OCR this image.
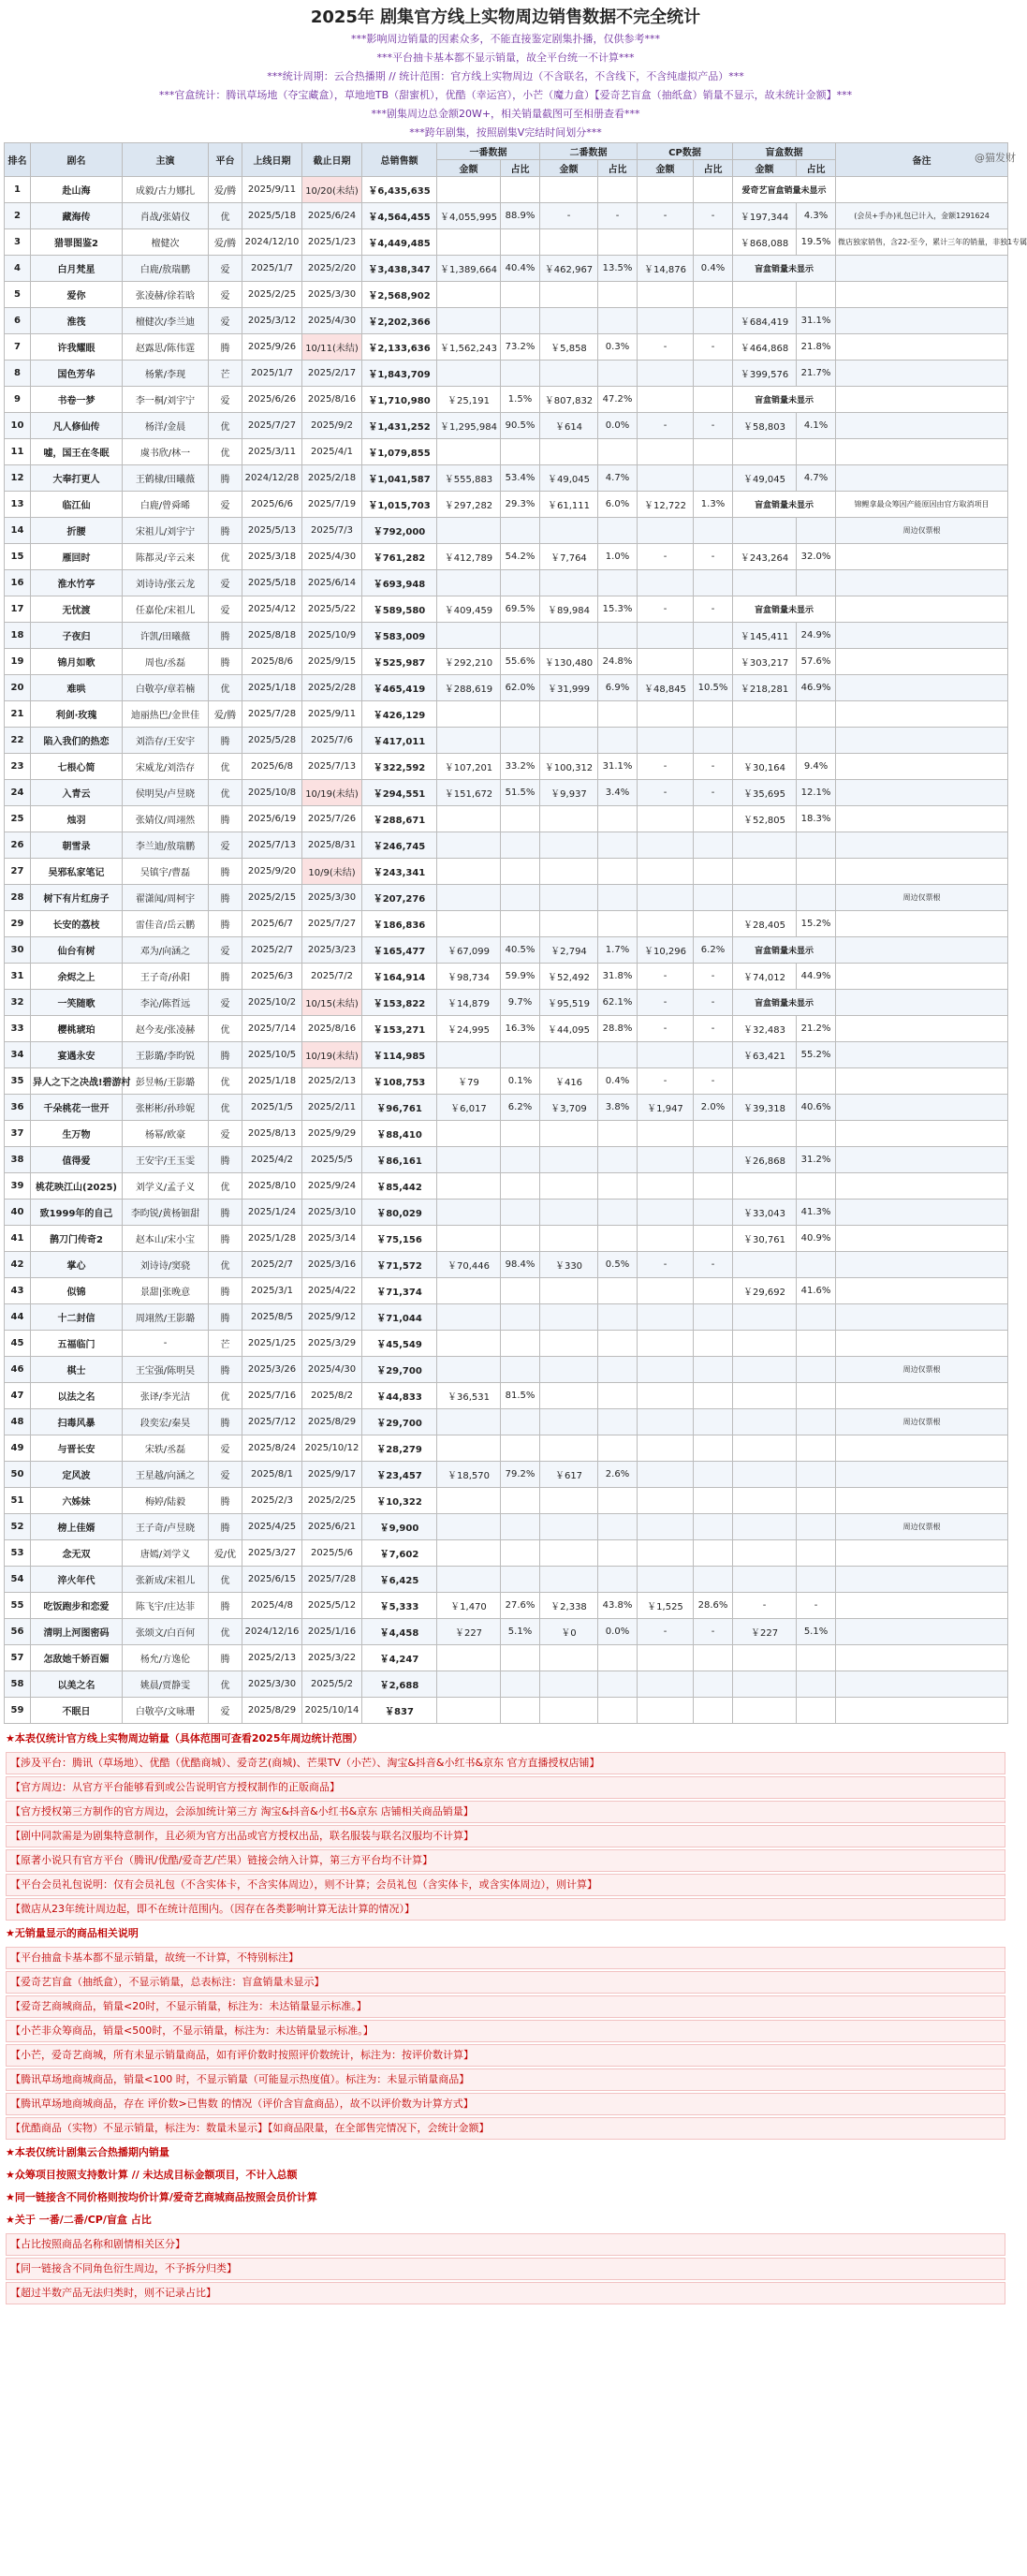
2025年 剧集官方线上实物周边销售数据不完全统计
***影响周边销量的因素众多，不能直接鉴定剧集扑播，仅供参考***
***平台抽卡基本都不显示销量，故全平台统一不计算***
***统计周期：云合热播期 // 统计范围：官方线上实物周边（不含联名，不含线下，不含纯虚拟产品）***
***官盒统计：腾讯草场地（夺宝藏盒），草地地TB（甜蜜机），优酷（幸运宫），小芒（魔力盒）【爱奇艺盲盒（抽纸盒）销量不显示，故未统计金额】***
***剧集周边总金额20W+，相关销量截图可至相册查看***
***跨年剧集，按照剧集V完结时间划分***
@猫发财
排名	剧名	主演	平台	上线日期	截止日期	总销售额	一番数据		二番数据		CP数据		盲盒数据		备注
							金额	占比	金额	占比	金额	占比	金额	占比	
1	赴山海	成毅/古力娜扎	爱/腾	2025/9/11	10/20(未结)	￥6,435,635							爱奇艺盲盒销量未显示		
2	藏海传	肖战/张婧仪	优	2025/5/18	2025/6/24	￥4,564,455	￥4,055,995	88.9%	-	-	-	-	￥197,344	4.3%	(会员+手办)礼包已计入，金额1291624
3	猎罪图鉴2	檀健次	爱/腾	2024/12/10	2025/1/23	￥4,449,485							￥868,088	19.5%	微店独家销售，含22-至今，累计三年的销量，非独1专属
4	白月梵星	白鹿/敖瑞鹏	爱	2025/1/7	2025/2/20	￥3,438,347	￥1,389,664	40.4%	￥462,967	13.5%	￥14,876	0.4%	盲盒销量未显示		
5	爱你	张凌赫/徐若晗	爱	2025/2/25	2025/3/30	￥2,568,902									
6	淮筏	檀健次/李兰迪	爱	2025/3/12	2025/4/30	￥2,202,366							￥684,419	31.1%	
7	许我耀眼	赵露思/陈伟霆	腾	2025/9/26	10/11(未结)	￥2,133,636	￥1,562,243	73.2%	￥5,858	0.3%	-	-	￥464,868	21.8%	
8	国色芳华	杨紫/李现	芒	2025/1/7	2025/2/17	￥1,843,709							￥399,576	21.7%	
9	书卷一梦	李一桐/刘宇宁	爱	2025/6/26	2025/8/16	￥1,710,980	￥25,191	1.5%	￥807,832	47.2%			盲盒销量未显示		
10	凡人修仙传	杨洋/金晨	优	2025/7/27	2025/9/2	￥1,431,252	￥1,295,984	90.5%	￥614	0.0%	-	-	￥58,803	4.1%	
11	嘘，国王在冬眠	虞书欣/林一	优	2025/3/11	2025/4/1	￥1,079,855									
12	大奉打更人	王鹤棣/田曦薇	腾	2024/12/28	2025/2/18	￥1,041,587	￥555,883	53.4%	￥49,045	4.7%			￥49,045	4.7%	
13	临江仙	白鹿/曾舜晞	爱	2025/6/6	2025/7/19	￥1,015,703	￥297,282	29.3%	￥61,111	6.0%	￥12,722	1.3%	盲盒销量未显示		锦鲤拿最众筹因产能原因由官方取消项目
14	折腰	宋祖儿/刘宇宁	腾	2025/5/13	2025/7/3	￥792,000									周边仅票根
15	雁回时	陈都灵/辛云来	优	2025/3/18	2025/4/30	￥761,282	￥412,789	54.2%	￥7,764	1.0%	-	-	￥243,264	32.0%	
16	淮水竹亭	刘诗诗/张云龙	爱	2025/5/18	2025/6/14	￥693,948									
17	无忧渡	任嘉伦/宋祖儿	爱	2025/4/12	2025/5/22	￥589,580	￥409,459	69.5%	￥89,984	15.3%	-	-	盲盒销量未显示		
18	子夜归	许凯/田曦薇	腾	2025/8/18	2025/10/9	￥583,009							￥145,411	24.9%	
19	锦月如歌	周也/丞磊	腾	2025/8/6	2025/9/15	￥525,987	￥292,210	55.6%	￥130,480	24.8%			￥303,217	57.6%	
20	难哄	白敬亭/章若楠	优	2025/1/18	2025/2/28	￥465,419	￥288,619	62.0%	￥31,999	6.9%	￥48,845	10.5%	￥218,281	46.9%	
21	利剑·玫瑰	迪丽热巴/金世佳	爱/腾	2025/7/28	2025/9/11	￥426,129									
22	陷入我们的热恋	刘浩存/王安宇	腾	2025/5/28	2025/7/6	￥417,011									
23	七根心简	宋威龙/刘浩存	优	2025/6/8	2025/7/13	￥322,592	￥107,201	33.2%	￥100,312	31.1%	-	-	￥30,164	9.4%	
24	入青云	侯明昊/卢昱晓	优	2025/10/8	10/19(未结)	￥294,551	￥151,672	51.5%	￥9,937	3.4%	-	-	￥35,695	12.1%	
25	烛羽	张婧仪/周翊然	腾	2025/6/19	2025/7/26	￥288,671							￥52,805	18.3%	
26	朝雪录	李兰迪/敖瑞鹏	爱	2025/7/13	2025/8/31	￥246,745									
27	吴邪私家笔记	吴镇宇/曹磊	腾	2025/9/20	10/9(未结)	￥243,341									
28	树下有片红房子	翟潇闻/周柯宇	腾	2025/2/15	2025/3/30	￥207,276									周边仅票根
29	长安的荔枝	雷佳音/岳云鹏	腾	2025/6/7	2025/7/27	￥186,836							￥28,405	15.2%	
30	仙台有树	邓为/向涵之	爱	2025/2/7	2025/3/23	￥165,477	￥67,099	40.5%	￥2,794	1.7%	￥10,296	6.2%	盲盒销量未显示		
31	余烬之上	王子奇/孙阳	腾	2025/6/3	2025/7/2	￥164,914	￥98,734	59.9%	￥52,492	31.8%	-	-	￥74,012	44.9%	
32	一笑随歌	李沁/陈哲远	爱	2025/10/2	10/15(未结)	￥153,822	￥14,879	9.7%	￥95,519	62.1%	-	-	盲盒销量未显示		
33	樱桃琥珀	赵今麦/张凌赫	优	2025/7/14	2025/8/16	￥153,271	￥24,995	16.3%	￥44,095	28.8%	-	-	￥32,483	21.2%	
34	宴遇永安	王影璐/李昀锐	腾	2025/10/5	10/19(未结)	￥114,985							￥63,421	55.2%	
35	异人之下之决战!碧游村	彭昱畅/王影璐	优	2025/1/18	2025/2/13	￥108,753	￥79	0.1%	￥416	0.4%	-	-			
36	千朵桃花一世开	张彬彬/孙珍妮	优	2025/1/5	2025/2/11	￥96,761	￥6,017	6.2%	￥3,709	3.8%	￥1,947	2.0%	￥39,318	40.6%	
37	生万物	杨幂/欧豪	爱	2025/8/13	2025/9/29	￥88,410									
38	值得爱	王安宇/王玉雯	腾	2025/4/2	2025/5/5	￥86,161							￥26,868	31.2%	
39	桃花映江山(2025)	刘学义/孟子义	优	2025/8/10	2025/9/24	￥85,442									
40	致1999年的自己	李昀锐/黄杨钿甜	腾	2025/1/24	2025/3/10	￥80,029							￥33,043	41.3%	
41	鹊刀门传奇2	赵本山/宋小宝	腾	2025/1/28	2025/3/14	￥75,156							￥30,761	40.9%	
42	掌心	刘诗诗/窦骁	优	2025/2/7	2025/3/16	￥71,572	￥70,446	98.4%	￥330	0.5%	-	-			
43	似锦	景甜|张晚意	腾	2025/3/1	2025/4/22	￥71,374							￥29,692	41.6%	
44	十二封信	周翊然/王影璐	腾	2025/8/5	2025/9/12	￥71,044									
45	五福临门	-	芒	2025/1/25	2025/3/29	￥45,549									
46	棋士	王宝强/陈明昊	腾	2025/3/26	2025/4/30	￥29,700									周边仅票根
47	以法之名	张译/李光洁	优	2025/7/16	2025/8/2	￥44,833	￥36,531	81.5%							
48	扫毒风暴	段奕宏/秦昊	腾	2025/7/12	2025/8/29	￥29,700									周边仅票根
49	与晋长安	宋轶/丞磊	爱	2025/8/24	2025/10/12	￥28,279									
50	定风波	王星越/向涵之	爱	2025/8/1	2025/9/17	￥23,457	￥18,570	79.2%	￥617	2.6%					
51	六姊妹	梅婷/陆毅	腾	2025/2/3	2025/2/25	￥10,322									
52	榜上佳婿	王子奇/卢昱晓	腾	2025/4/25	2025/6/21	￥9,900									周边仅票根
53	念无双	唐嫣/刘学义	爱/优	2025/3/27	2025/5/6	￥7,602									
54	淬火年代	张新成/宋祖儿	优	2025/6/15	2025/7/28	￥6,425									
55	吃饭跑步和恋爱	陈飞宇/庄达菲	腾	2025/4/8	2025/5/12	￥5,333	￥1,470	27.6%	￥2,338	43.8%	￥1,525	28.6%	-	-	
56	清明上河图密码	张颂文/白百何	优	2024/12/16	2025/1/16	￥4,458	￥227	5.1%	￥0	0.0%	-	-	￥227	5.1%	
57	怎敌她千娇百媚	杨允/方逸伦	腾	2025/2/13	2025/3/22	￥4,247									
58	以美之名	姚晨/贾静雯	优	2025/3/30	2025/5/2	￥2,688									
59	不眠日	白敬亭/文咏珊	爱	2025/8/29	2025/10/14	￥837									
★本表仅统计官方线上实物周边销量（具体范围可查看2025年周边统计范围）
【涉及平台：腾讯（草场地）、优酷（优酷商城）、爱奇艺(商城)、芒果TV（小芒）、淘宝&抖音&小红书&京东 官方直播授权店铺】
【官方周边：从官方平台能够看到或公告说明官方授权制作的正版商品】
【官方授权第三方制作的官方周边，会添加统计第三方 淘宝&抖音&小红书&京东 店铺相关商品销量】
【剧中同款需是为剧集特意制作，且必须为官方出品或官方授权出品，联名服装与联名汉服均不计算】
【原著小说只有官方平台（腾讯/优酷/爱奇艺/芒果）链接会纳入计算，第三方平台均不计算】
【平台会员礼包说明：仅有会员礼包（不含实体卡，不含实体周边），则不计算；会员礼包（含实体卡，或含实体周边），则计算】
【微店从23年统计周边起，即不在统计范围内。（因存在各类影响计算无法计算的情况）】
★无销量显示的商品相关说明
【平台抽盒卡基本都不显示销量，故统一不计算，不特别标注】
【爱奇艺盲盒（抽纸盒），不显示销量，总表标注：盲盒销量未显示】
【爱奇艺商城商品，销量<20时，不显示销量，标注为：未达销量显示标准。】
【小芒非众筹商品，销量<500时，不显示销量，标注为：未达销量显示标准。】
【小芒，爱奇艺商城，所有未显示销量商品，如有评价数时按照评价数统计，标注为：按评价数计算】
【腾讯草场地商城商品，销量<100 时，不显示销量（可能显示热度值）。标注为：未显示销量商品】
【腾讯草场地商城商品，存在 评价数>已售数 的情况（评价含盲盒商品），故不以评价数为计算方式】
【优酷商品（实物）不显示销量，标注为：数量未显示】【如商品限量，在全部售完情况下，会统计金额】
★本表仅统计剧集云合热播期内销量
★众筹项目按照支持数计算 // 未达成目标金额项目，不计入总额
★同一链接含不同价格则按均价计算/爱奇艺商城商品按照会员价计算
★关于 一番/二番/CP/盲盒 占比
【占比按照商品名称和剧情相关区分】
【同一链接含不同角色衍生周边，不予拆分归类】
【超过半数产品无法归类时，则不记录占比】
